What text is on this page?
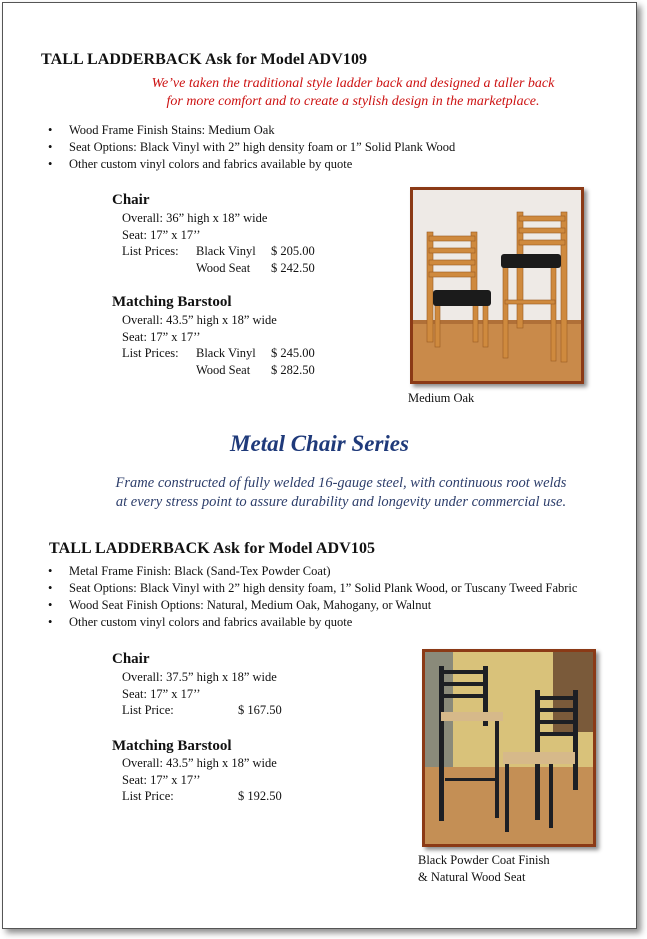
TALL LADDERBACK Ask for Model ADV109
We’ve taken the traditional style ladder back and designed a taller back
for more comfort and to create a stylish design in the marketplace.
• Wood Frame Finish Stains: Medium Oak
• Seat Options: Black Vinyl with 2” high density foam or 1” Solid Plank Wood
• Other custom vinyl colors and fabrics available by quote
Chair
Overall: 36” high x 18” wide
Seat: 17” x 17’’
List Prices: Black Vinyl $ 205.00
Wood Seat $ 242.50
Matching Barstool
Overall: 43.5” high x 18” wide
Seat: 17” x 17’’
List Prices: Black Vinyl $ 245.00
Wood Seat $ 282.50
Medium Oak
Metal Chair Series
Frame constructed of fully welded 16-gauge steel, with continuous root welds
at every stress point to assure durability and longevity under commercial use.
TALL LADDERBACK Ask for Model ADV105
• Metal Frame Finish: Black (Sand-Tex Powder Coat)
• Seat Options: Black Vinyl with 2” high density foam, 1” Solid Plank Wood, or Tuscany Tweed Fabric
• Wood Seat Finish Options: Natural, Medium Oak, Mahogany, or Walnut
• Other custom vinyl colors and fabrics available by quote
Chair
Overall: 37.5” high x 18” wide
Seat: 17” x 17’’
List Price:	$ 167.50
Matching Barstool
Overall: 43.5” high x 18” wide
Seat: 17” x 17’’
List Price:	$ 192.50
Black Powder Coat Finish
& Natural Wood Seat
